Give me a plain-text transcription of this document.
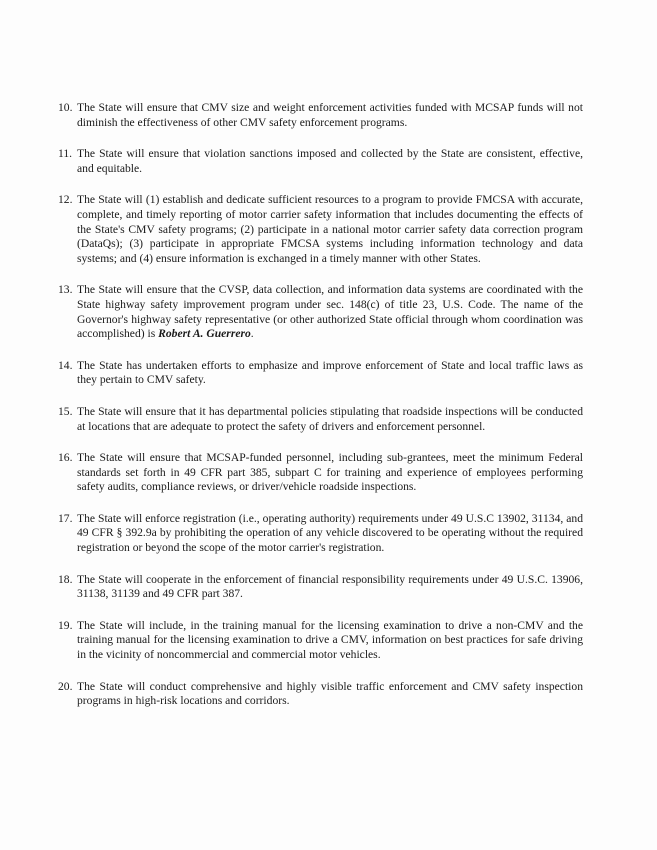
10. The State will ensure that CMV size and weight enforcement activities funded with MCSAP funds will not diminish the effectiveness of other CMV safety enforcement programs.
11. The State will ensure that violation sanctions imposed and collected by the State are consistent, effective, and equitable.
12. The State will (1) establish and dedicate sufficient resources to a program to provide FMCSA with accurate, complete, and timely reporting of motor carrier safety information that includes documenting the effects of the State's CMV safety programs; (2) participate in a national motor carrier safety data correction program (DataQs); (3) participate in appropriate FMCSA systems including information technology and data systems; and (4) ensure information is exchanged in a timely manner with other States.
13. The State will ensure that the CVSP, data collection, and information data systems are coordinated with the State highway safety improvement program under sec. 148(c) of title 23, U.S. Code. The name of the Governor's highway safety representative (or other authorized State official through whom coordination was accomplished) is Robert A. Guerrero.
14. The State has undertaken efforts to emphasize and improve enforcement of State and local traffic laws as they pertain to CMV safety.
15. The State will ensure that it has departmental policies stipulating that roadside inspections will be conducted at locations that are adequate to protect the safety of drivers and enforcement personnel.
16. The State will ensure that MCSAP-funded personnel, including sub-grantees, meet the minimum Federal standards set forth in 49 CFR part 385, subpart C for training and experience of employees performing safety audits, compliance reviews, or driver/vehicle roadside inspections.
17. The State will enforce registration (i.e., operating authority) requirements under 49 U.S.C 13902, 31134, and 49 CFR § 392.9a by prohibiting the operation of any vehicle discovered to be operating without the required registration or beyond the scope of the motor carrier's registration.
18. The State will cooperate in the enforcement of financial responsibility requirements under 49 U.S.C. 13906, 31138, 31139 and 49 CFR part 387.
19. The State will include, in the training manual for the licensing examination to drive a non-CMV and the training manual for the licensing examination to drive a CMV, information on best practices for safe driving in the vicinity of noncommercial and commercial motor vehicles.
20. The State will conduct comprehensive and highly visible traffic enforcement and CMV safety inspection programs in high-risk locations and corridors.
